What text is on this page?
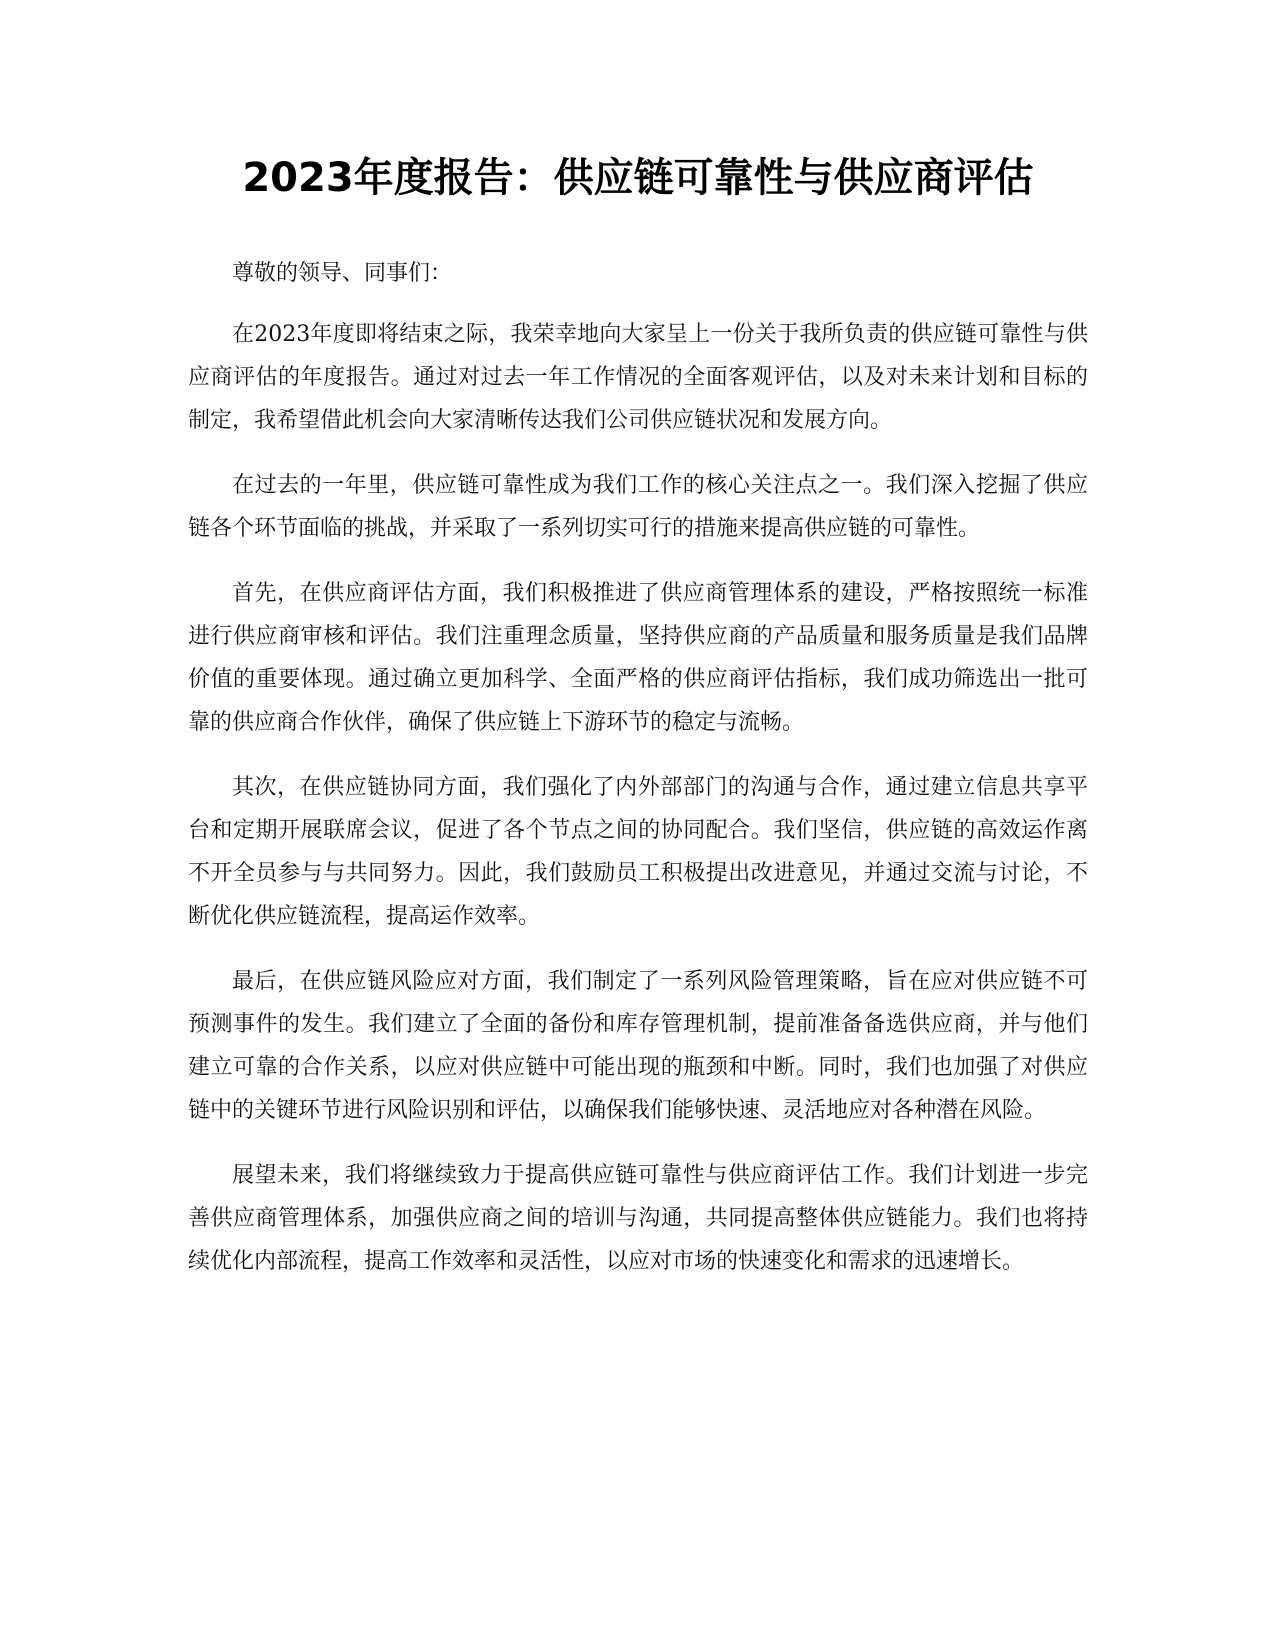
2023年度报告：供应链可靠性与供应商评估

尊敬的领导、同事们：

在2023年度即将结束之际，我荣幸地向大家呈上一份关于我所负责的供应链可靠性与供应商评估的年度报告。通过对过去一年工作情况的全面客观评估，以及对未来计划和目标的制定，我希望借此机会向大家清晰传达我们公司供应链状况和发展方向。

在过去的一年里，供应链可靠性成为我们工作的核心关注点之一。我们深入挖掘了供应链各个环节面临的挑战，并采取了一系列切实可行的措施来提高供应链的可靠性。

首先，在供应商评估方面，我们积极推进了供应商管理体系的建设，严格按照统一标准进行供应商审核和评估。我们注重理念质量，坚持供应商的产品质量和服务质量是我们品牌价值的重要体现。通过确立更加科学、全面严格的供应商评估指标，我们成功筛选出一批可靠的供应商合作伙伴，确保了供应链上下游环节的稳定与流畅。

其次，在供应链协同方面，我们强化了内外部部门的沟通与合作，通过建立信息共享平台和定期开展联席会议，促进了各个节点之间的协同配合。我们坚信，供应链的高效运作离不开全员参与与共同努力。因此，我们鼓励员工积极提出改进意见，并通过交流与讨论，不断优化供应链流程，提高运作效率。

最后，在供应链风险应对方面，我们制定了一系列风险管理策略，旨在应对供应链不可预测事件的发生。我们建立了全面的备份和库存管理机制，提前准备备选供应商，并与他们建立可靠的合作关系，以应对供应链中可能出现的瓶颈和中断。同时，我们也加强了对供应链中的关键环节进行风险识别和评估，以确保我们能够快速、灵活地应对各种潜在风险。

展望未来，我们将继续致力于提高供应链可靠性与供应商评估工作。我们计划进一步完善供应商管理体系，加强供应商之间的培训与沟通，共同提高整体供应链能力。我们也将持续优化内部流程，提高工作效率和灵活性，以应对市场的快速变化和需求的迅速增长。
